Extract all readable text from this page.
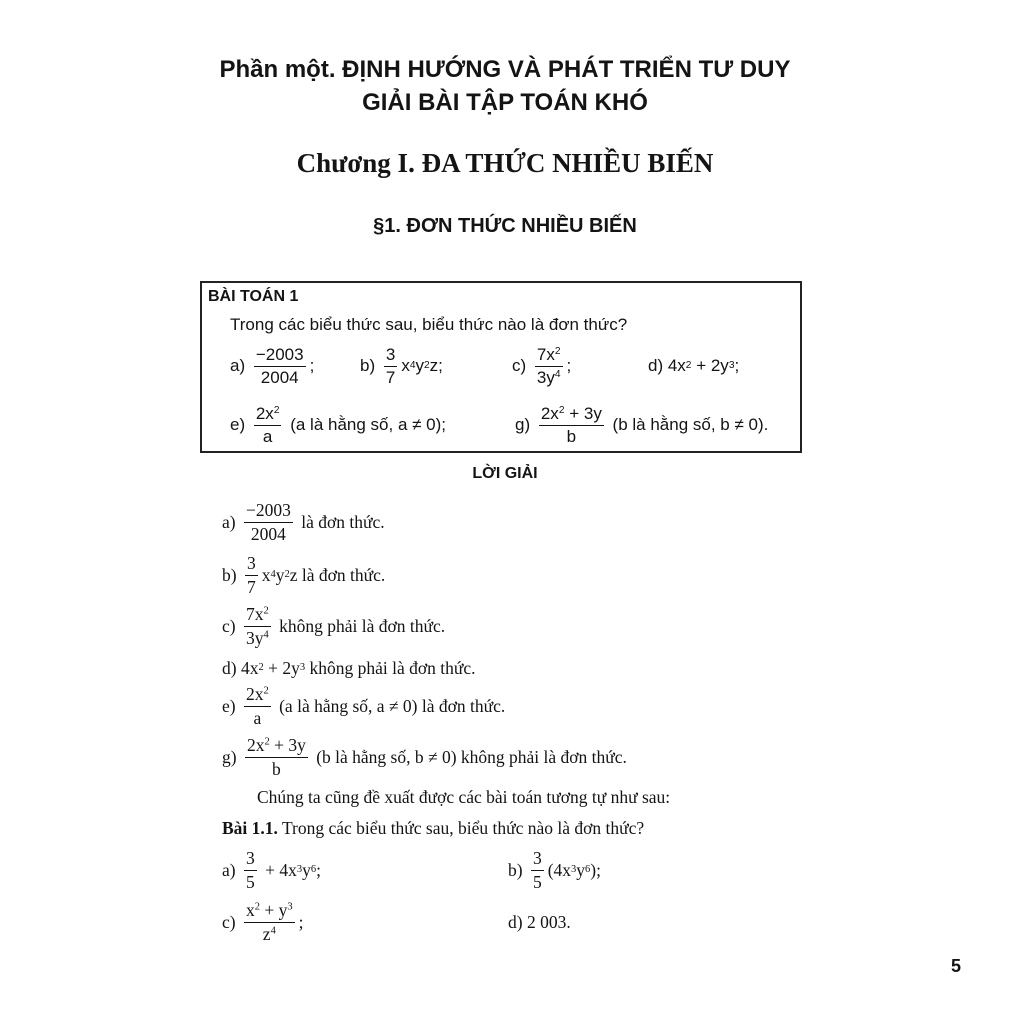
Phần một. ĐỊNH HƯỚNG VÀ PHÁT TRIỂN TƯ DUY
GIẢI BÀI TẬP TOÁN KHÓ
Chương I. ĐA THỨC NHIỀU BIẾN
§1. ĐƠN THỨC NHIỀU BIẾN
BÀI TOÁN 1
Trong các biểu thức sau, biểu thức nào là đơn thức?
$a) \frac{-2003}{2004}$ ;	$b) \frac{3}{7}$ x 4 y 2 z;	$c) \frac{7x^2}{3y^4}$ ;	d) 4x 2 + 2y 3 ;
$e) \frac{2x^2}{a} (a$ là hằng số, a ≠ 0);	$g) \frac{2x^2 + 3y}{b} (b$ là hằng số, b ≠ 0).
LỜI GIẢI
$a) \frac{-2003}{2004}$ là đơn thức.
$b) \frac{3}{7}$ x 4 y 2 z là đơn thức.
$c) \frac{7x^2}{3y^4}$ không phải là đơn thức.
d) 4x 2 + 2y 3 không phải là đơn thức.
$e) \frac{2x^2}{a} (a$ là hằng số, a ≠ 0) là đơn thức.
$g) \frac{2x^2 + 3y}{b} (b$ là hằng số, b ≠ 0) không phải là đơn thức.
Chúng ta cũng đề xuất được các bài toán tương tự như sau:
Bài 1.1. Trong các biểu thức sau, biểu thức nào là đơn thức?
$a) \frac{3}{5} + 4x$ 3 y 6 ;	$b) \frac{3}{5} (4x$ 3 y 6 );
$c) \frac{x^2 + y^3}{z^4}$ ;	d) 2 003.
5
